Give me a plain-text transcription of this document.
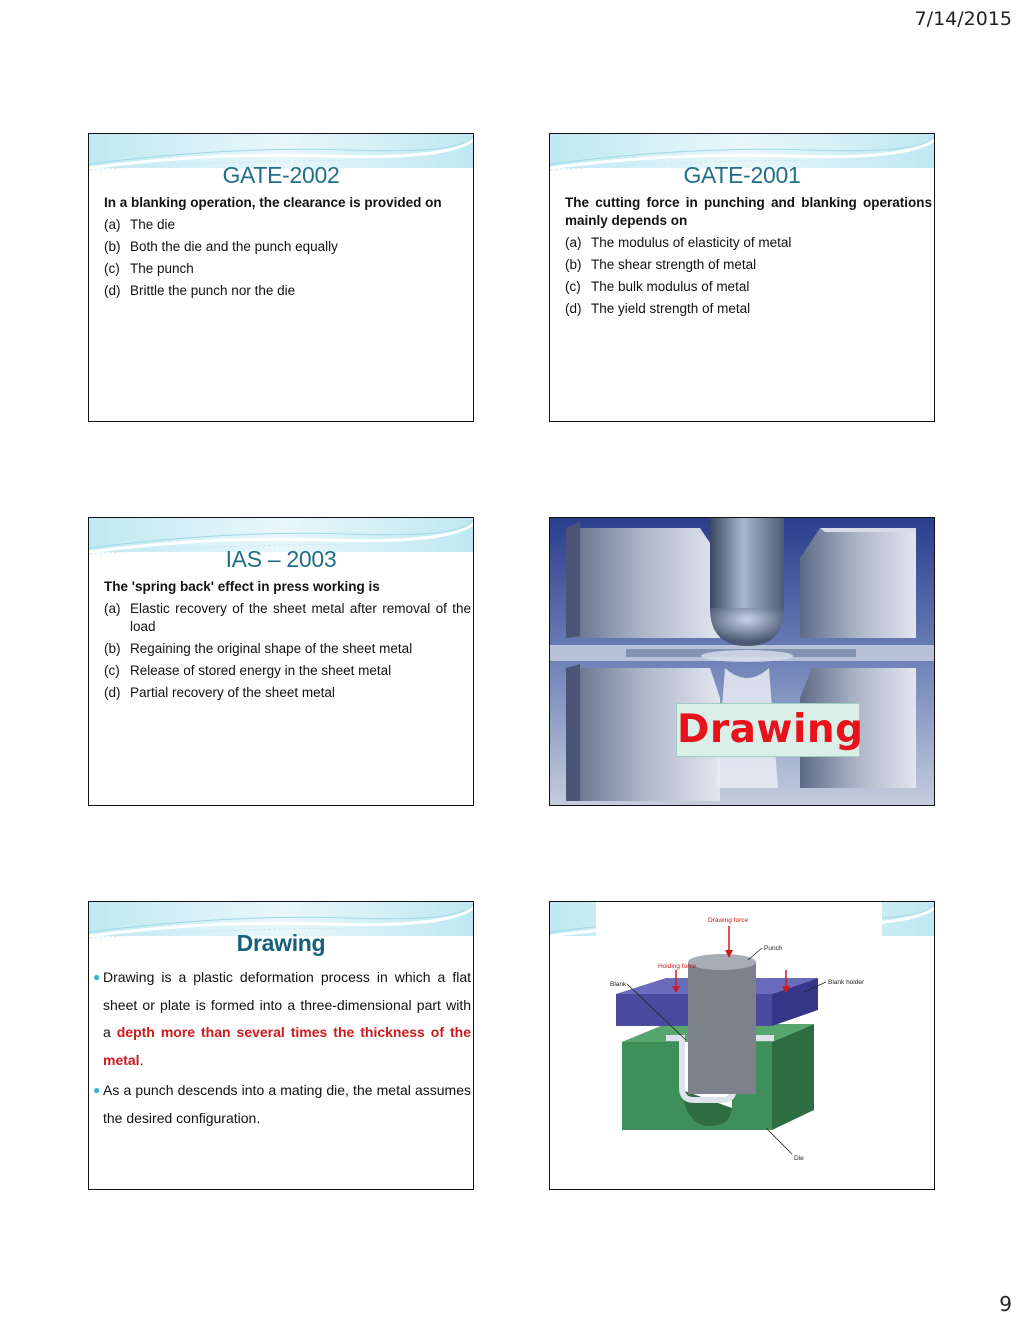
7/14/2015
GATE-2002
In a blanking operation, the clearance is provided on
(a) The die
(b) Both the die and the punch equally
(c) The punch
(d) Brittle the punch nor the die
GATE-2001
The cutting force in punching and blanking operations mainly depends on
(a) The modulus of elasticity of metal
(b) The shear strength of metal
(c) The bulk modulus of metal
(d) The yield strength of metal
IAS – 2003
The 'spring back' effect in press working is
(a) Elastic recovery of the sheet metal after removal of the load
(b) Regaining the original shape of the sheet metal
(c) Release of stored energy in the sheet metal
(d) Partial recovery of the sheet metal
Drawing
Drawing
● Drawing is a plastic deformation process in which a flat sheet or plate is formed into a three-dimensional part with a depth more than several times the thickness of the metal.
● As a punch descends into a mating die, the metal assumes the desired configuration.
Drawing force
Punch
Holding force
Blank	Blank holder
Die
9
